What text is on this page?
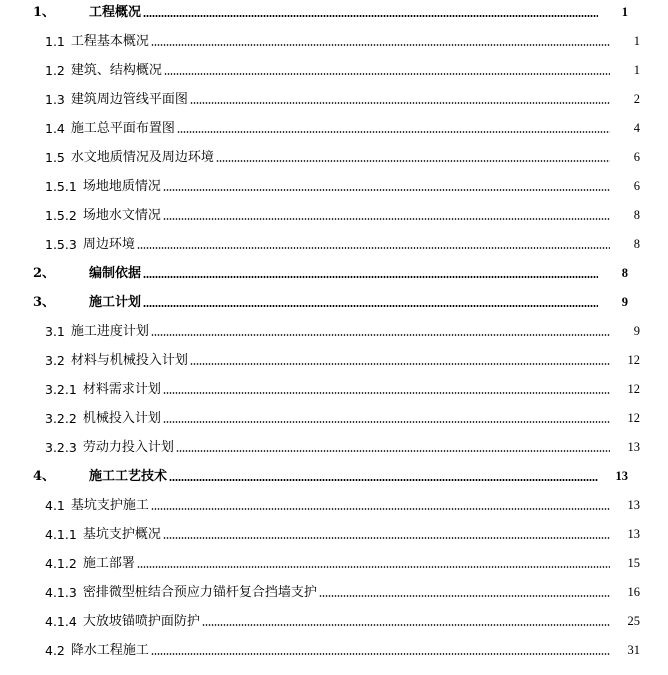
1、	工程概况	1
1.1 工程基本概况	1
1.2 建筑、结构概况	1
1.3 建筑周边管线平面图	2
1.4 施工总平面布置图	4
1.5 水文地质情况及周边环境	6
1.5.1 场地地质情况	6
1.5.2 场地水文情况	8
1.5.3 周边环境	8
2、	编制依据	8
3、	施工计划	9
3.1 施工进度计划	9
3.2 材料与机械投入计划	12
3.2.1 材料需求计划	12
3.2.2 机械投入计划	12
3.2.3 劳动力投入计划	13
4、	施工工艺技术	13
4.1 基坑支护施工	13
4.1.1 基坑支护概况	13
4.1.2 施工部署	15
4.1.3 密排微型桩结合预应力锚杆复合挡墙支护	16
4.1.4 大放坡锚喷护面防护	25
4.2 降水工程施工	31
